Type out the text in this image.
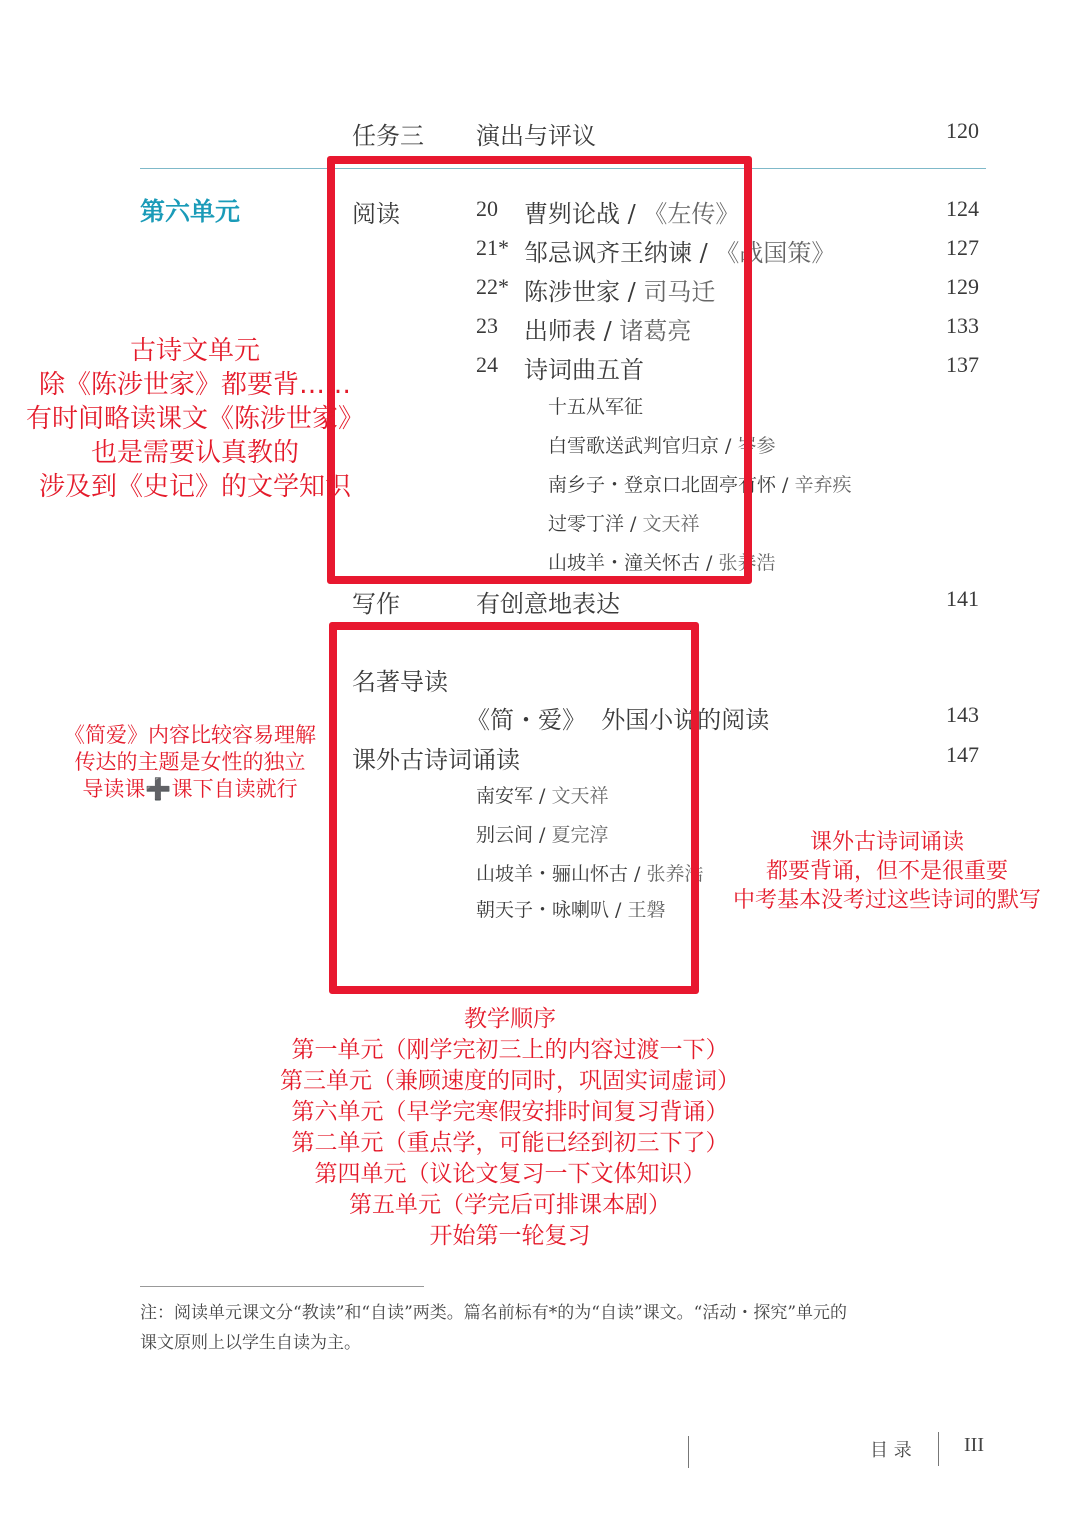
任务三 演出与评议	120
第六单元	阅读	20 曹刿论战 / 《左传》	124
21* 邹忌讽齐王纳谏 / 《战国策》	127
22* 陈涉世家 / 司马迁	129
23 出师表 / 诸葛亮	133
24 诗词曲五首	137
十五从军征
白雪歌送武判官归京 / 岑参
南乡子・登京口北固亭有怀 / 辛弃疾
过零丁洋 / 文天祥
山坡羊・潼关怀古 / 张养浩
写作	有创意地表达	141
名著导读
《简・爱》 外国小说的阅读	143
课外古诗词诵读	147
南安军 / 文天祥
别云间 / 夏完淳
山坡羊・骊山怀古 / 张养浩
朝天子・咏喇叭 / 王磐
古诗文单元
除《陈涉世家》都要背……
有时间略读课文《陈涉世家》
也是需要认真教的
涉及到《史记》的文学知识
《简爱》内容比较容易理解
传达的主题是女性的独立
导读课➕课下自读就行
课外古诗词诵读
都要背诵，但不是很重要
中考基本没考过这些诗词的默写
教学顺序
第一单元（刚学完初三上的内容过渡一下）
第三单元（兼顾速度的同时，巩固实词虚词）
第六单元（早学完寒假安排时间复习背诵）
第二单元（重点学，可能已经到初三下了）
第四单元（议论文复习一下文体知识）
第五单元（学完后可排课本剧）
开始第一轮复习
注：阅读单元课文分“教读”和“自读”两类。篇名前标有*的为“自读”课文。“活动・探究”单元的
课文原则上以学生自读为主。
目 录	III
